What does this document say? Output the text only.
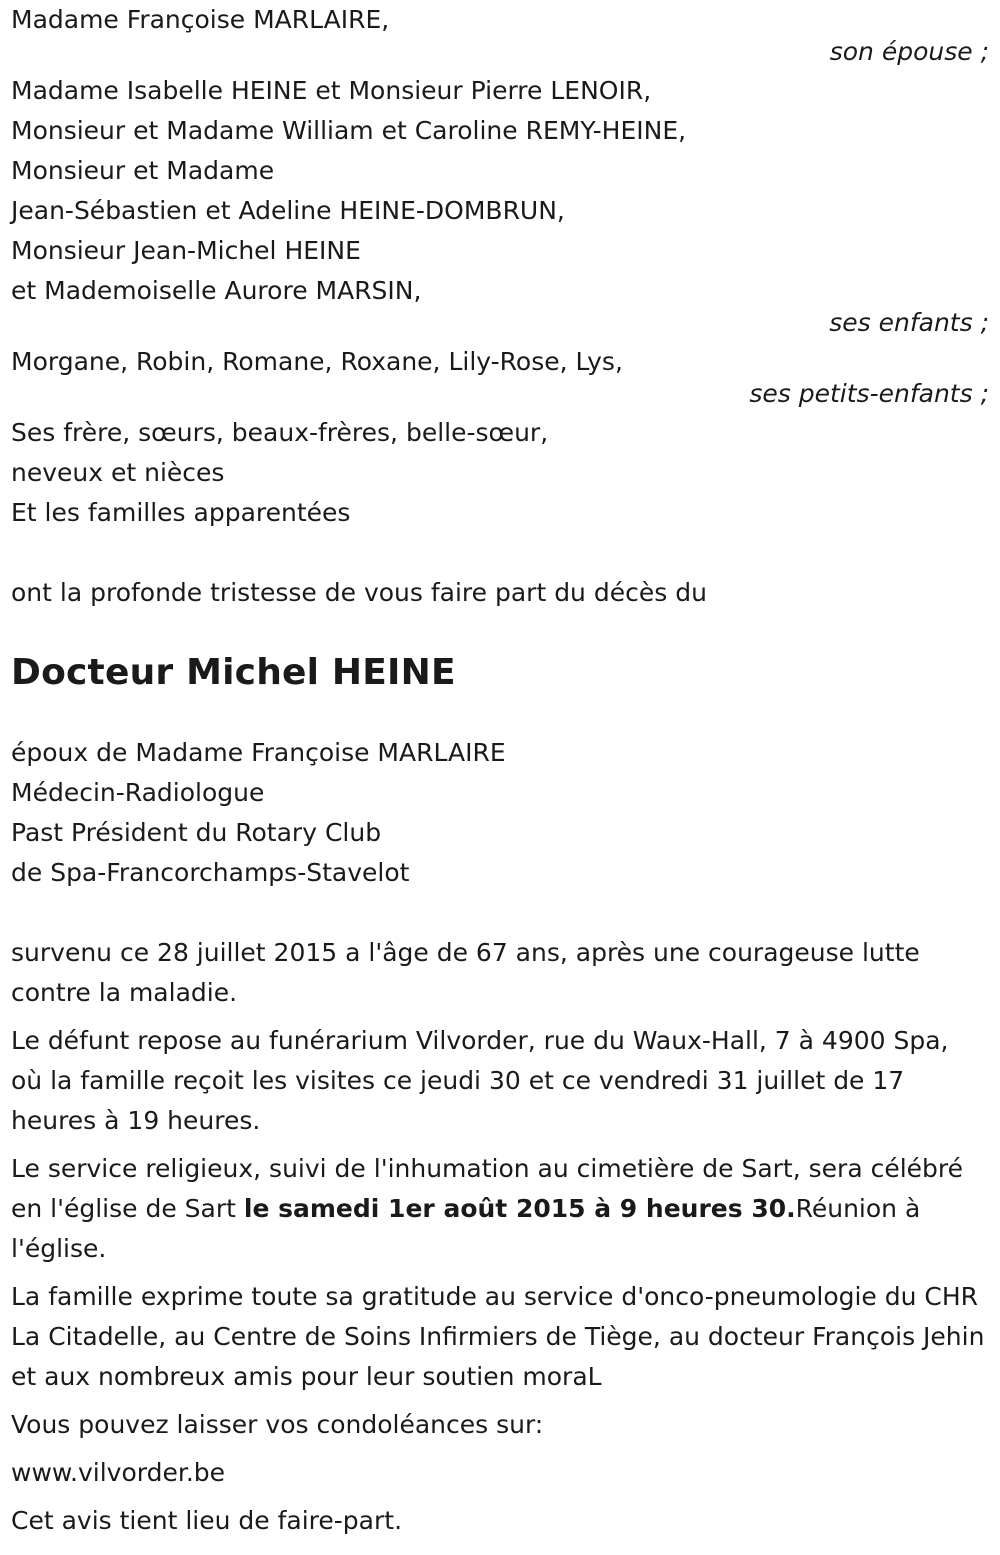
Madame Françoise MARLAIRE,
son épouse ;
Madame Isabelle HEINE et Monsieur Pierre LENOIR,
Monsieur et Madame William et Caroline REMY-HEINE,
Monsieur et Madame
Jean-Sébastien et Adeline HEINE-DOMBRUN,
Monsieur Jean-Michel HEINE
et Mademoiselle Aurore MARSIN,
ses enfants ;
Morgane, Robin, Romane, Roxane, Lily-Rose, Lys,
ses petits-enfants ;
Ses frère, sœurs, beaux-frères, belle-sœur,
neveux et nièces
Et les familles apparentées
ont la profonde tristesse de vous faire part du décès du
Docteur Michel HEINE
époux de Madame Françoise MARLAIRE
Médecin-Radiologue
Past Président du Rotary Club
de Spa-Francorchamps-Stavelot

survenu ce 28 juillet 2015 a l'âge de 67 ans, après une courageuse lutte contre la maladie.

Le défunt repose au funérarium Vilvorder, rue du Waux-Hall, 7 à 4900 Spa, où la famille reçoit les visites ce jeudi 30 et ce vendredi 31 juillet de 17 heures à 19 heures.

Le service religieux, suivi de l'inhumation au cimetière de Sart, sera célébré en l'église de Sart le samedi 1er août 2015 à 9 heures 30.Réunion à l'église.

La famille exprime toute sa gratitude au service d'onco-pneumologie du CHR La Citadelle, au Centre de Soins Infirmiers de Tiège, au docteur François Jehin et aux nombreux amis pour leur soutien moraL

Vous pouvez laisser vos condoléances sur:

www.vilvorder.be

Cet avis tient lieu de faire-part.
